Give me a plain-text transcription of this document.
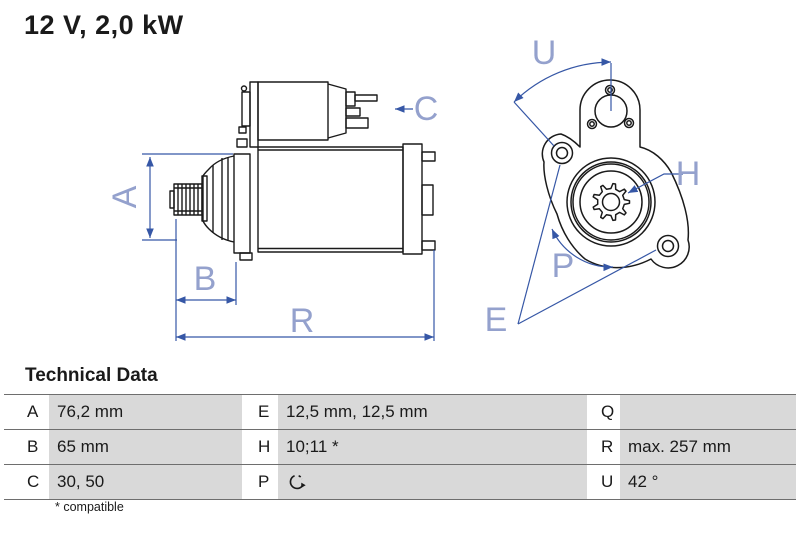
12 V, 2,0 kW
A
B
R
C
U
H
P
E
Technical Data
A	76,2 mm	E 12,5 mm, 12,5 mm	Q
B	65 mm	H 10;11 *	R max. 257 mm
C	30, 50	P	U 42 °
* compatible
